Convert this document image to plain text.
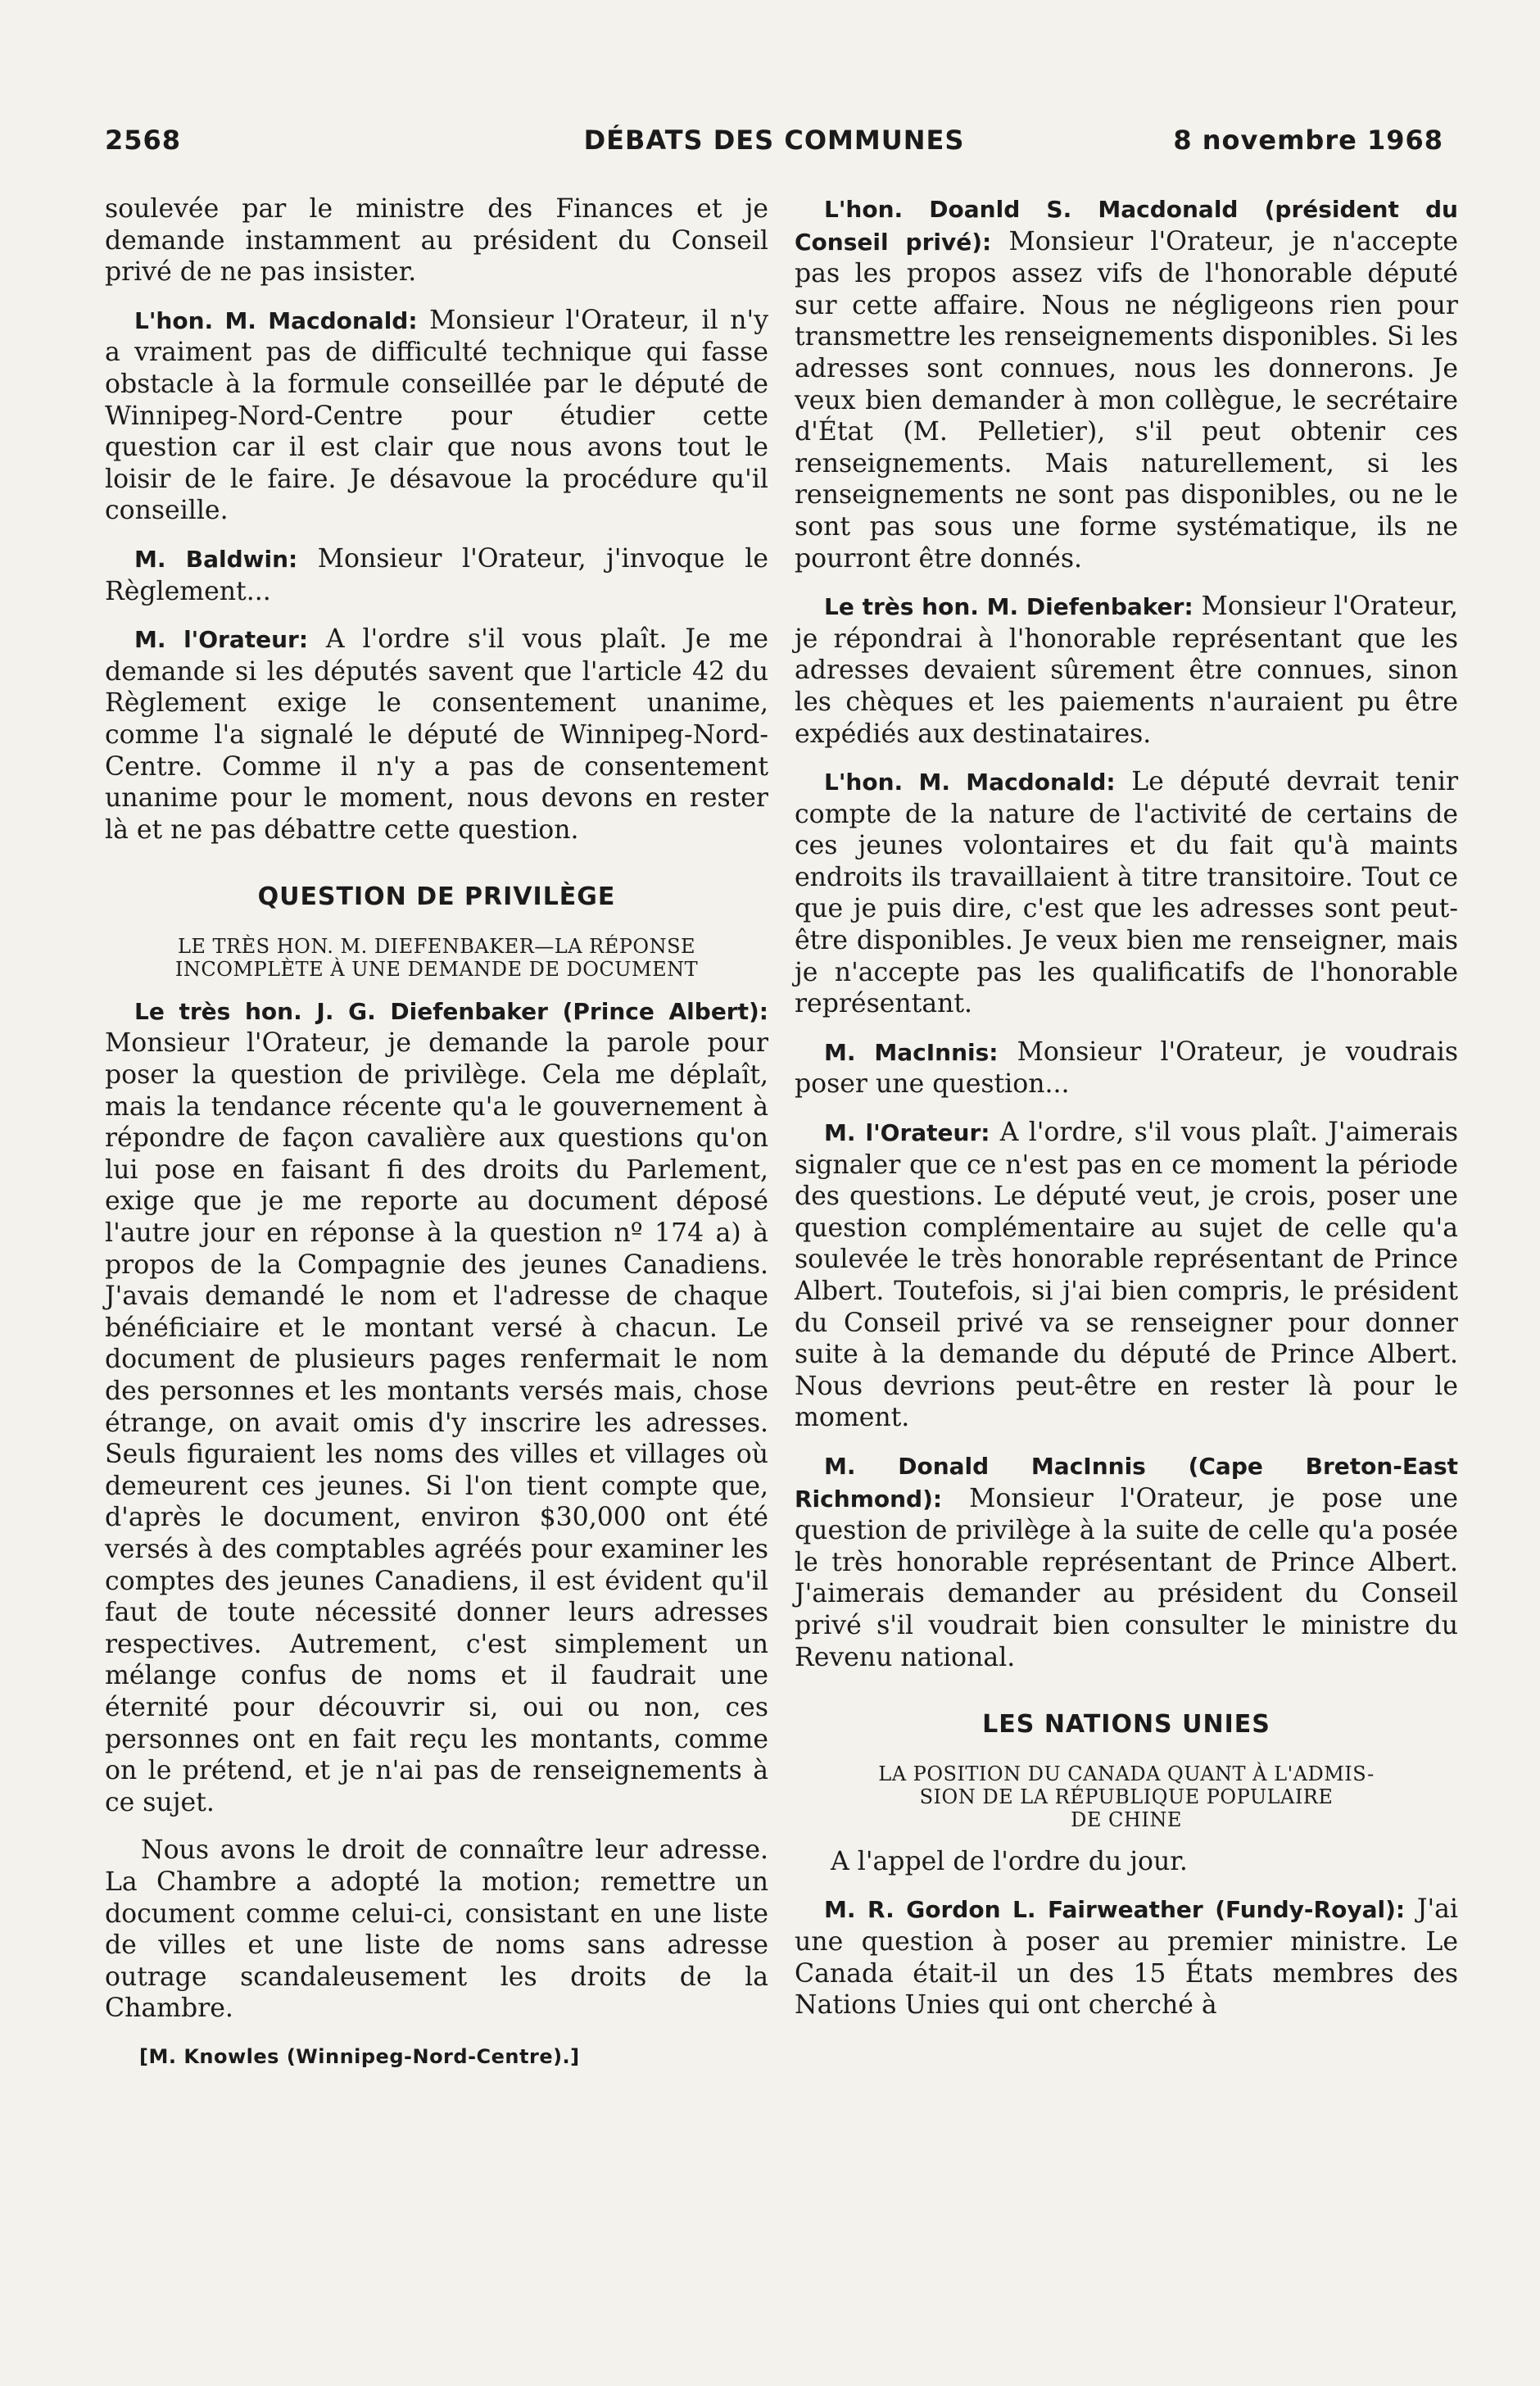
2568	DÉBATS DES COMMUNES	8 novembre 1968

soulevée par le ministre des Finances et je demande instamment au président du Conseil privé de ne pas insister.

L'hon. M. Macdonald: Monsieur l'Orateur, il n'y a vraiment pas de difficulté technique qui fasse obstacle à la formule conseillée par le député de Winnipeg-Nord-Centre pour étudier cette question car il est clair que nous avons tout le loisir de le faire. Je désavoue la procédure qu'il conseille.

M. Baldwin: Monsieur l'Orateur, j'invoque le Règlement...

M. l'Orateur: A l'ordre s'il vous plaît. Je me demande si les députés savent que l'article 42 du Règlement exige le consentement unanime, comme l'a signalé le député de Winnipeg-Nord-Centre. Comme il n'y a pas de consentement unanime pour le moment, nous devons en rester là et ne pas débattre cette question.

QUESTION DE PRIVILÈGE
LE TRÈS HON. M. DIEFENBAKER—LA RÉPONSE INCOMPLÈTE À UNE DEMANDE DE DOCUMENT

Le très hon. J. G. Diefenbaker (Prince Albert): Monsieur l'Orateur, je demande la parole pour poser la question de privilège. Cela me déplaît, mais la tendance récente qu'a le gouvernement à répondre de façon cavalière aux questions qu'on lui pose en faisant fi des droits du Parlement, exige que je me reporte au document déposé l'autre jour en réponse à la question nº 174 a) à propos de la Compagnie des jeunes Canadiens. J'avais demandé le nom et l'adresse de chaque bénéficiaire et le montant versé à chacun. Le document de plusieurs pages renfermait le nom des personnes et les montants versés mais, chose étrange, on avait omis d'y inscrire les adresses. Seuls figuraient les noms des villes et villages où demeurent ces jeunes. Si l'on tient compte que, d'après le document, environ $30,000 ont été versés à des comptables agréés pour examiner les comptes des jeunes Canadiens, il est évident qu'il faut de toute nécessité donner leurs adresses respectives. Autrement, c'est simplement un mélange confus de noms et il faudrait une éternité pour découvrir si, oui ou non, ces personnes ont en fait reçu les montants, comme on le prétend, et je n'ai pas de renseignements à ce sujet.

Nous avons le droit de connaître leur adresse. La Chambre a adopté la motion; remettre un document comme celui-ci, consistant en une liste de villes et une liste de noms sans adresse outrage scandaleusement les droits de la Chambre.

[M. Knowles (Winnipeg-Nord-Centre).]

L'hon. Doanld S. Macdonald (président du Conseil privé): Monsieur l'Orateur, je n'accepte pas les propos assez vifs de l'honorable député sur cette affaire. Nous ne négligeons rien pour transmettre les renseignements disponibles. Si les adresses sont connues, nous les donnerons. Je veux bien demander à mon collègue, le secrétaire d'État (M. Pelletier), s'il peut obtenir ces renseignements. Mais naturellement, si les renseignements ne sont pas disponibles, ou ne le sont pas sous une forme systématique, ils ne pourront être donnés.

Le très hon. M. Diefenbaker: Monsieur l'Orateur, je répondrai à l'honorable représentant que les adresses devaient sûrement être connues, sinon les chèques et les paiements n'auraient pu être expédiés aux destinataires.

L'hon. M. Macdonald: Le député devrait tenir compte de la nature de l'activité de certains de ces jeunes volontaires et du fait qu'à maints endroits ils travaillaient à titre transitoire. Tout ce que je puis dire, c'est que les adresses sont peut-être disponibles. Je veux bien me renseigner, mais je n'accepte pas les qualificatifs de l'honorable représentant.

M. MacInnis: Monsieur l'Orateur, je voudrais poser une question...

M. l'Orateur: A l'ordre, s'il vous plaît. J'aimerais signaler que ce n'est pas en ce moment la période des questions. Le député veut, je crois, poser une question complémentaire au sujet de celle qu'a soulevée le très honorable représentant de Prince Albert. Toutefois, si j'ai bien compris, le président du Conseil privé va se renseigner pour donner suite à la demande du député de Prince Albert. Nous devrions peut-être en rester là pour le moment.

M. Donald MacInnis (Cape Breton-East Richmond): Monsieur l'Orateur, je pose une question de privilège à la suite de celle qu'a posée le très honorable représentant de Prince Albert. J'aimerais demander au président du Conseil privé s'il voudrait bien consulter le ministre du Revenu national.

LES NATIONS UNIES
LA POSITION DU CANADA QUANT À L'ADMIS-
SION DE LA RÉPUBLIQUE POPULAIRE
DE CHINE

A l'appel de l'ordre du jour.

M. R. Gordon L. Fairweather (Fundy-Royal): J'ai une question à poser au premier ministre. Le Canada était-il un des 15 États membres des Nations Unies qui ont cherché à
